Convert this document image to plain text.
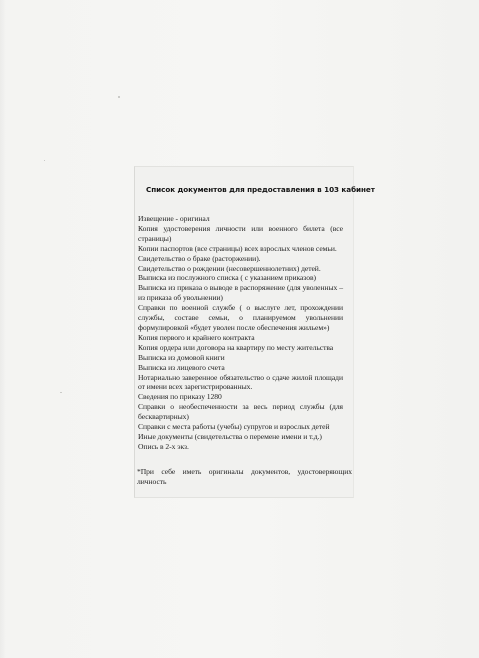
Список документов для предоставления в 103 кабинет
Извещение - оригинал
Копия удостоверения личности или военного билета (все страницы)
Копии паспортов (все страницы) всех взрослых членов семьи.
Свидетельство о браке (расторжении).
Свидетельство о рождении (несовершеннолетних) детей.
Выписка из послужного списка ( с указанием приказов)
Выписка из приказа о выводе в распоряжение (для уволенных – из приказа об увольнении)
Справки по военной службе ( о выслуге лет, прохождении службы, составе семьи, о планируемом увольнении формулировкой «будет уволен после обеспечения жильем»)
Копия первого и крайнего контракта
Копия ордера или договора на квартиру по месту жительства
Выписка из домовой книги
Выписка из лицевого счета
Нотариально заверенное обязательство о сдаче жилой площади от имени всех зарегистрированных.
Сведения по приказу 1280
Справки о необеспеченности за весь период службы (для бесквартирных)
Справки с места работы (учебы) супругов и взрослых детей
Иные документы (свидетельства о перемене имени и т.д.)
Опись в 2-х экз.

*При себе иметь оригиналы документов, удостоверяющих личность
